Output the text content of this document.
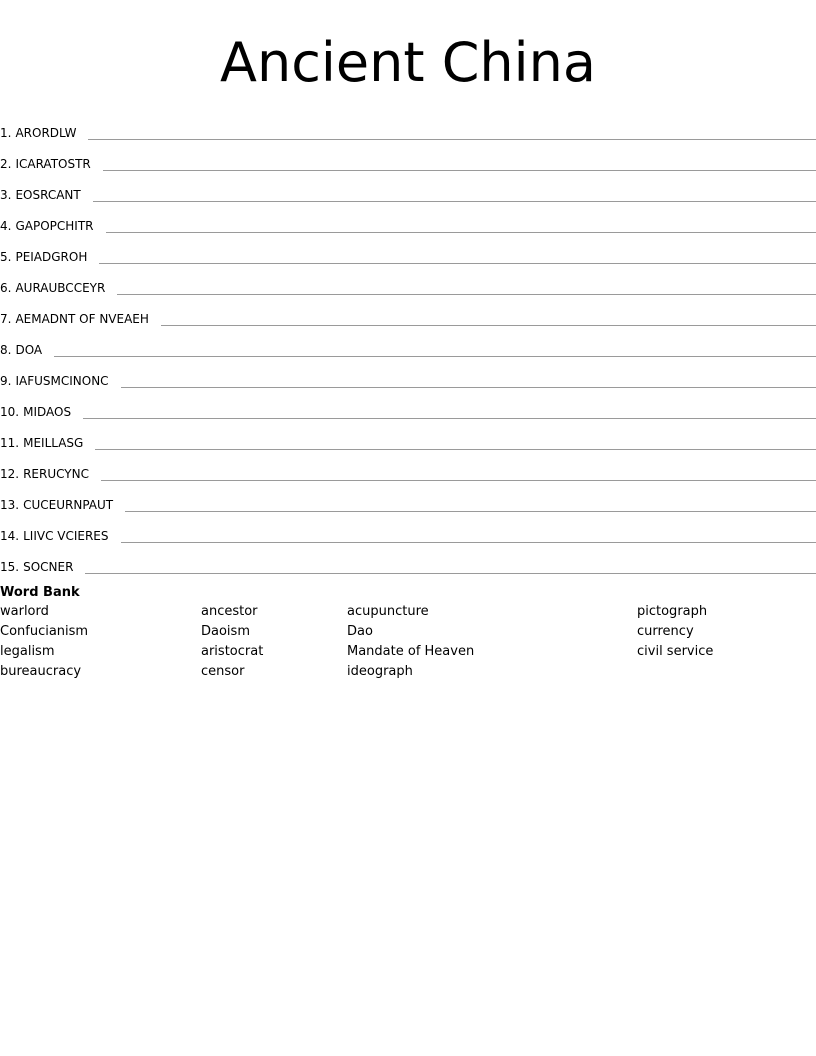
Ancient China
1. ARORDLW
2. ICARATOSTR
3. EOSRCANT
4. GAPOPCHITR
5. PEIADGROH
6. AURAUBCCEYR
7. AEMADNT OF NVEAEH
8. DOA
9. IAFUSMCINONC
10. MIDAOS
11. MEILLASG
12. RERUCYNC
13. CUCEURNPAUT
14. LIIVC VCIERES
15. SOCNER
Word Bank
warlord
Confucianism
legalism
bureaucracy
ancestor
Daoism
aristocrat
censor
acupuncture
Dao
Mandate of Heaven
ideograph
pictograph
currency
civil service
